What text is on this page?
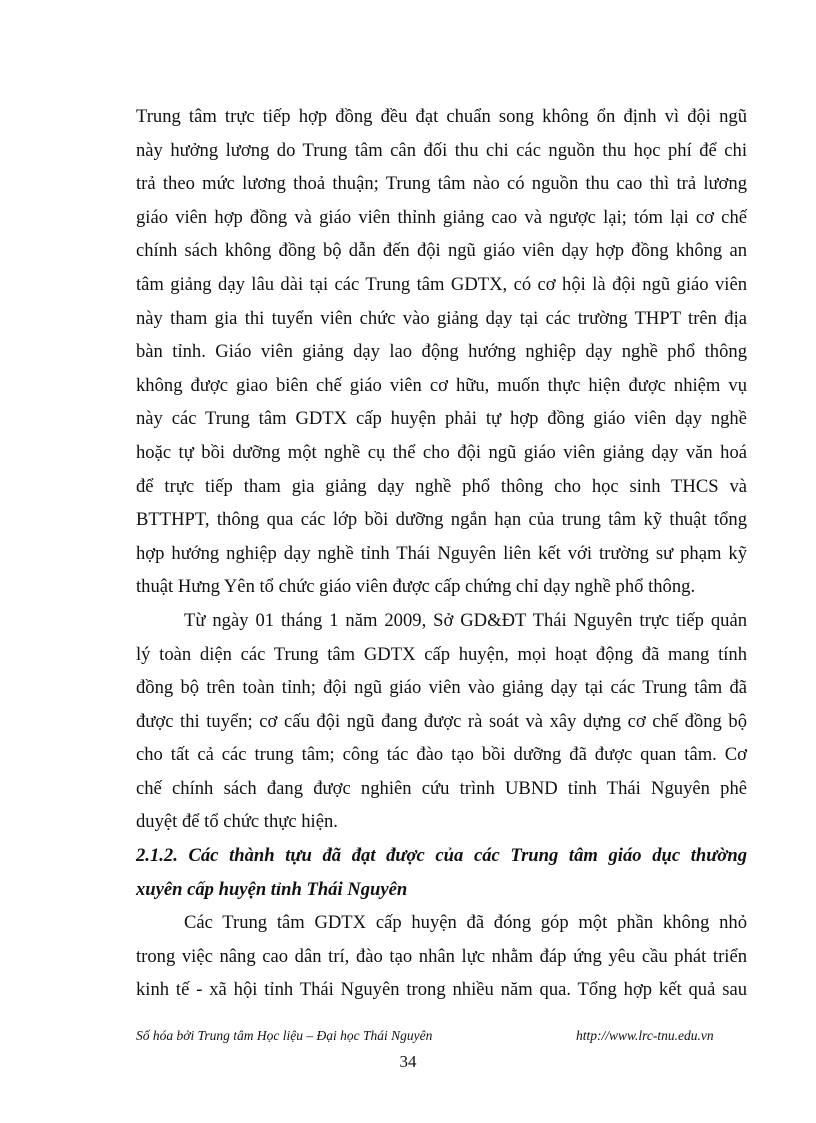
Trung tâm trực tiếp hợp đồng đều đạt chuẩn song không ổn định vì đội ngũ
này hưởng lương do Trung tâm cân đối thu chi các nguồn thu học phí để chi
trả theo mức lương thoả thuận; Trung tâm nào có nguồn thu cao thì trả lương
giáo viên hợp đồng và giáo viên thỉnh giảng cao và ngược lại; tóm lại cơ chế
chính sách không đồng bộ dẫn đến đội ngũ giáo viên dạy hợp đồng không an
tâm giảng dạy lâu dài tại các Trung tâm GDTX, có cơ hội là đội ngũ giáo viên
này tham gia thi tuyển viên chức vào giảng dạy tại các trường THPT trên địa
bàn tỉnh. Giáo viên giảng dạy lao động hướng nghiệp dạy nghề phổ thông
không được giao biên chế giáo viên cơ hữu, muốn thực hiện được nhiệm vụ
này các Trung tâm GDTX cấp huyện phải tự hợp đồng giáo viên dạy nghề
hoặc tự bồi dưỡng một nghề cụ thể cho đội ngũ giáo viên giảng dạy văn hoá
để trực tiếp tham gia giảng dạy nghề phổ thông cho học sinh THCS và
BTTHPT, thông qua các lớp bồi dưỡng ngắn hạn của trung tâm kỹ thuật tổng
hợp hướng nghiệp dạy nghề tỉnh Thái Nguyên liên kết với trường sư phạm kỹ
thuật Hưng Yên tổ chức giáo viên được cấp chứng chỉ dạy nghề phổ thông.
Từ ngày 01 tháng 1 năm 2009, Sở GD&ĐT Thái Nguyên trực tiếp quản
lý toàn diện các Trung tâm GDTX cấp huyện, mọi hoạt động đã mang tính
đồng bộ trên toàn tỉnh; đội ngũ giáo viên vào giảng dạy tại các Trung tâm đã
được thi tuyển; cơ cấu đội ngũ đang được rà soát và xây dựng cơ chế đồng bộ
cho tất cả các trung tâm; công tác đào tạo bồi dưỡng đã được quan tâm. Cơ
chế chính sách đang được nghiên cứu trình UBND tỉnh Thái Nguyên phê
duyệt để tổ chức thực hiện.
2.1.2. Các thành tựu đã đạt được của các Trung tâm giáo dục thường
xuyên cấp huyện tỉnh Thái Nguyên
Các Trung tâm GDTX cấp huyện đã đóng góp một phần không nhỏ
trong việc nâng cao dân trí, đào tạo nhân lực nhằm đáp ứng yêu cầu phát triển
kinh tế - xã hội tỉnh Thái Nguyên trong nhiều năm qua. Tổng hợp kết quả sau
Số hóa bởi Trung tâm Học liệu – Đại học Thái Nguyên	http://www.lrc-tnu.edu.vn
34
